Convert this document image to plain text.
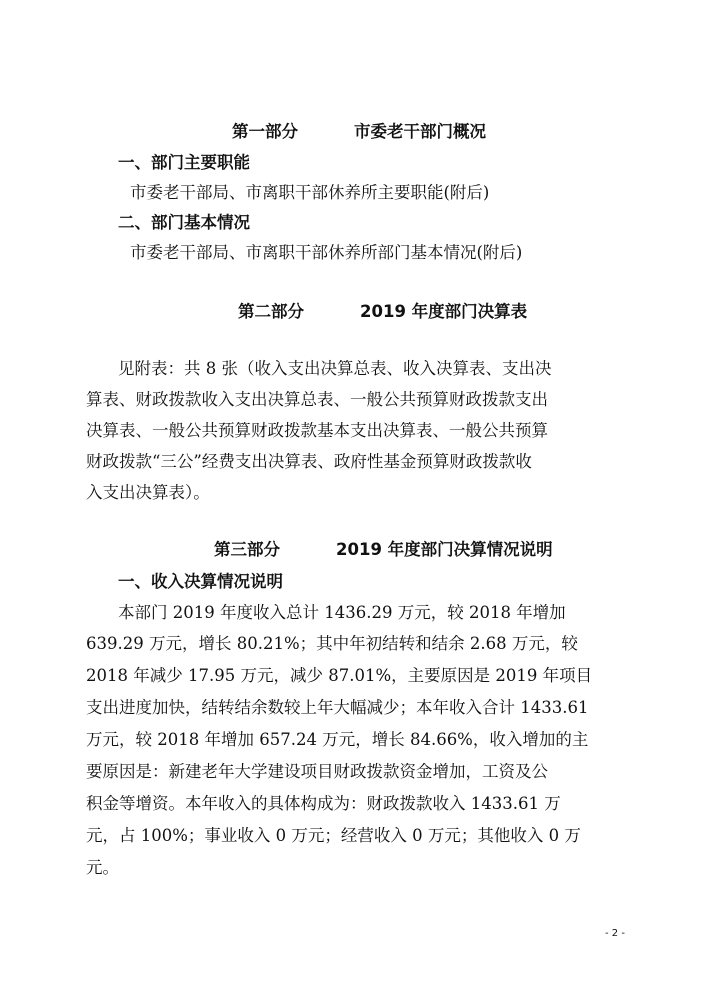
第一部分	市委老干部门概况
一、部门主要职能
市委老干部局、市离职干部休养所主要职能(附后)
二、部门基本情况
市委老干部局、市离职干部休养所部门基本情况(附后)
第二部分	2019 年度部门决算表
见附表：共 8 张（收入支出决算总表、收入决算表、支出决
算表、财政拨款收入支出决算总表、一般公共预算财政拨款支出
决算表、一般公共预算财政拨款基本支出决算表、一般公共预算
财政拨款“三公”经费支出决算表、政府性基金预算财政拨款收
入支出决算表）。
第三部分	2019 年度部门决算情况说明
一、收入决算情况说明
本部门 2019 年度收入总计 1436.29 万元，较 2018 年增加
639.29 万元，增长 80.21%；其中年初结转和结余 2.68 万元，较
2018 年减少 17.95 万元，减少 87.01%，主要原因是 2019 年项目
支出进度加快，结转结余数较上年大幅减少；本年收入合计 1433.61
万元，较 2018 年增加 657.24 万元，增长 84.66%，收入增加的主
要原因是：新建老年大学建设项目财政拨款资金增加，工资及公
积金等增资。本年收入的具体构成为：财政拨款收入 1433.61 万
元，占 100%；事业收入 0 万元；经营收入 0 万元；其他收入 0 万
元。
- 2 -
